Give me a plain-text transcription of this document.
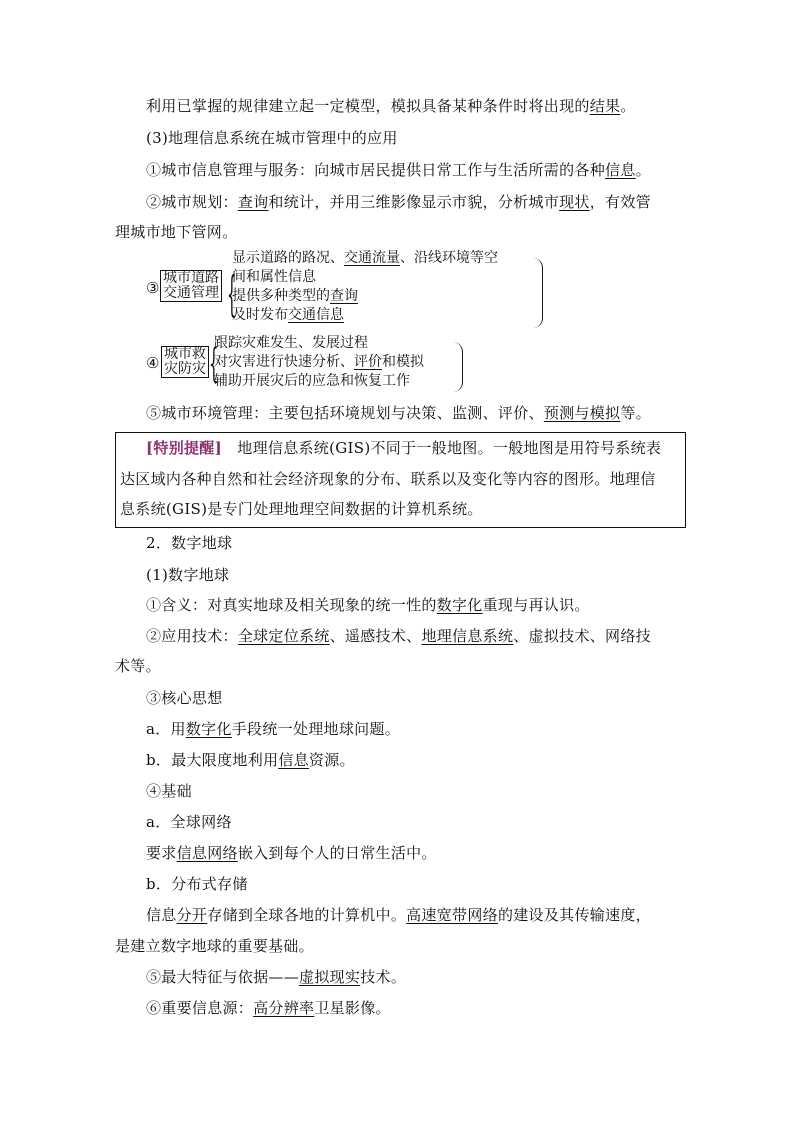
利用已掌握的规律建立起一定模型，模拟具备某种条件时将出现的结果。
(3)地理信息系统在城市管理中的应用
①城市信息管理与服务：向城市居民提供日常工作与生活所需的各种信息。
②城市规划：查询和统计，并用三维影像显示市貌，分析城市现状，有效管
理城市地下管网。
③
城市道路
交通管理 {
显示道路的路况、交通流量、沿线环境等空
间和属性信息
提供多种类型的查询
及时发布交通信息
④ 城市救
灾防灾 {
跟踪灾难发生、发展过程
对灾害进行快速分析、评价和模拟
辅助开展灾后的应急和恢复工作
⑤城市环境管理：主要包括环境规划与决策、监测、评价、预测与模拟等。
[特别提醒]　地理信息系统(GIS)不同于一般地图。一般地图是用符号系统表
达区域内各种自然和社会经济现象的分布、联系以及变化等内容的图形。地理信
息系统(GIS)是专门处理地理空间数据的计算机系统。
2．数字地球
(1)数字地球
①含义：对真实地球及相关现象的统一性的数字化重现与再认识。
②应用技术：全球定位系统、遥感技术、地理信息系统、虚拟技术、网络技
术等。
③核心思想
a．用数字化手段统一处理地球问题。
b．最大限度地利用信息资源。
④基础
a．全球网络
要求信息网络嵌入到每个人的日常生活中。
b．分布式存储
信息分开存储到全球各地的计算机中。高速宽带网络的建设及其传输速度，
是建立数字地球的重要基础。
⑤最大特征与依据——虚拟现实技术。
⑥重要信息源：高分辨率卫星影像。
